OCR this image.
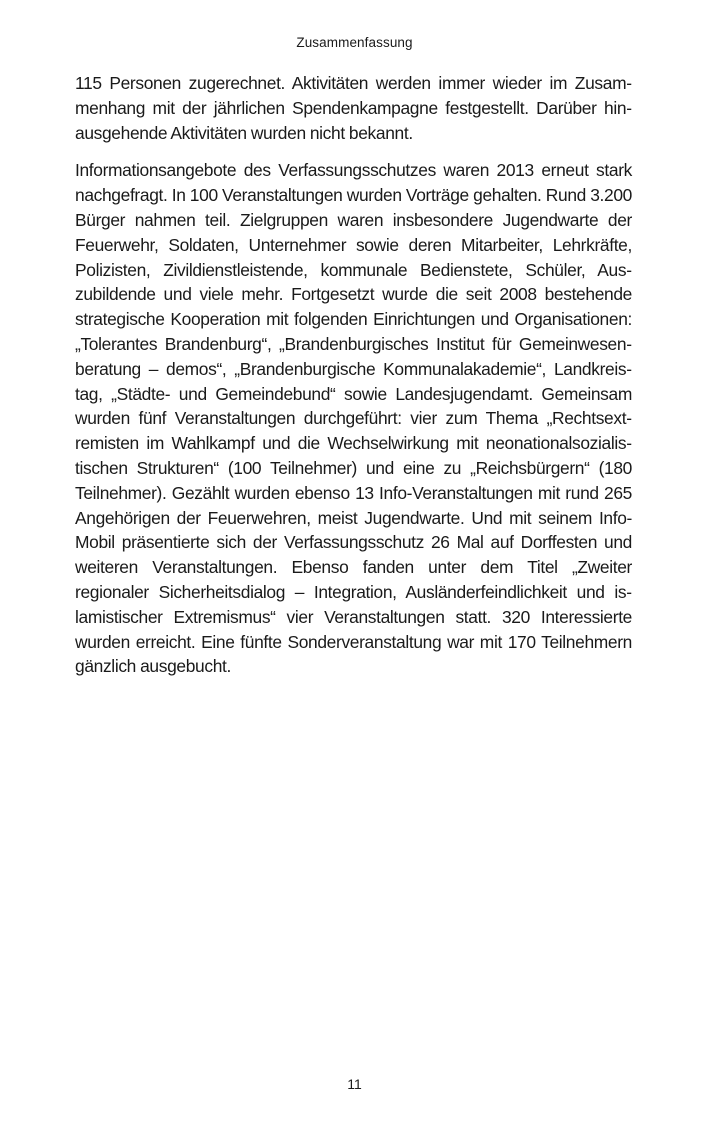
Zusammenfassung

115 Personen zugerechnet. Aktivitäten werden immer wieder im Zusammenhang mit der jährlichen Spendenkampagne festgestellt. Darüber hinausgehende Aktivitäten wurden nicht bekannt.

Informationsangebote des Verfassungsschutzes waren 2013 erneut stark nachgefragt. In 100 Veranstaltungen wurden Vorträge gehalten. Rund 3.200 Bürger nahmen teil. Zielgruppen waren insbesondere Jugendwarte der Feuerwehr, Soldaten, Unternehmer sowie deren Mitarbeiter, Lehrkräfte, Polizisten, Zivildienstleistende, kommunale Bedienstete, Schüler, Auszubildende und viele mehr. Fortgesetzt wurde die seit 2008 bestehende strategische Kooperation mit folgenden Einrichtungen und Organisationen: „Tolerantes Brandenburg“, „Brandenburgisches Institut für Gemeinwesenberatung – demos“, „Brandenburgische Kommunalakademie“, Landkreistag, „Städte- und Gemeindebund“ sowie Landesjugendamt. Gemeinsam wurden fünf Veranstaltungen durchgeführt: vier zum Thema „Rechtsextremisten im Wahlkampf und die Wechselwirkung mit neonationalsozialistischen Strukturen“ (100 Teilnehmer) und eine zu „Reichsbürgern“ (180 Teilnehmer). Gezählt wurden ebenso 13 Info-Veranstaltungen mit rund 265 Angehörigen der Feuerwehren, meist Jugendwarte. Und mit seinem Info-Mobil präsentierte sich der Verfassungsschutz 26 Mal auf Dorffesten und weiteren Veranstaltungen. Ebenso fanden unter dem Titel „Zweiter regionaler Sicherheitsdialog – Integration, Ausländerfeindlichkeit und islamistischer Extremismus“ vier Veranstaltungen statt. 320 Interessierte wurden erreicht. Eine fünfte Sonderveranstaltung war mit 170 Teilnehmern gänzlich ausgebucht.

11
